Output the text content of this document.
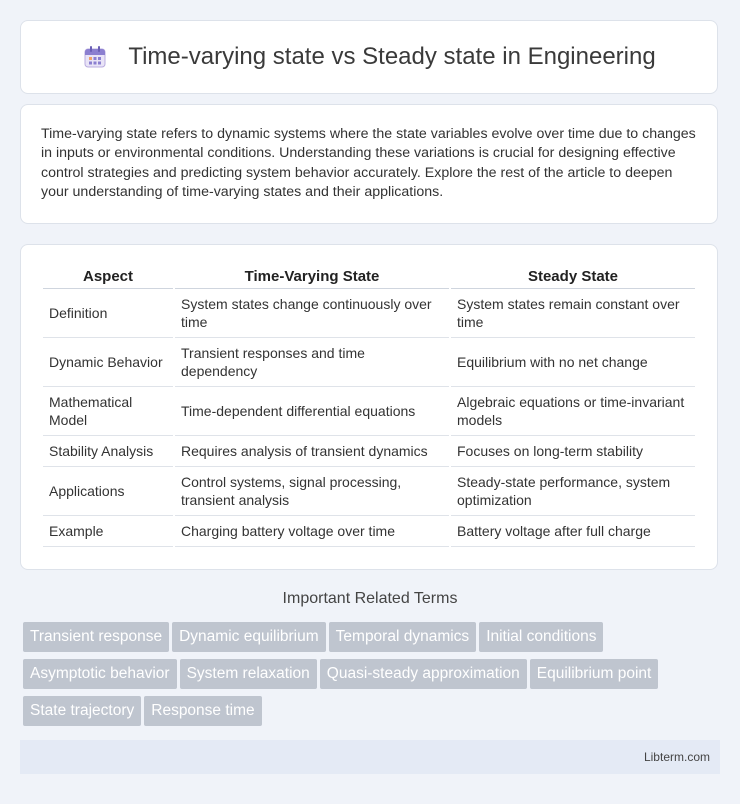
Time-varying state vs Steady state in Engineering

Time-varying state refers to dynamic systems where the state variables evolve over time due to changes in inputs or environmental conditions. Understanding these variations is crucial for designing effective control strategies and predicting system behavior accurately. Explore the rest of the article to deepen your understanding of time-varying states and their applications.

Aspect	Time-Varying State	Steady State
Definition	System states change continuously over time	System states remain constant over time
Dynamic Behavior	Transient responses and time dependency	Equilibrium with no net change
Mathematical Model	Time-dependent differential equations	Algebraic equations or time-invariant models
Stability Analysis	Requires analysis of transient dynamics	Focuses on long-term stability
Applications	Control systems, signal processing, transient analysis	Steady-state performance, system optimization
Example	Charging battery voltage over time	Battery voltage after full charge
Important Related Terms
Transient response Dynamic equilibrium Temporal dynamics Initial conditions
Asymptotic behavior System relaxation Quasi-steady approximation Equilibrium point
State trajectory Response time
Libterm.com
